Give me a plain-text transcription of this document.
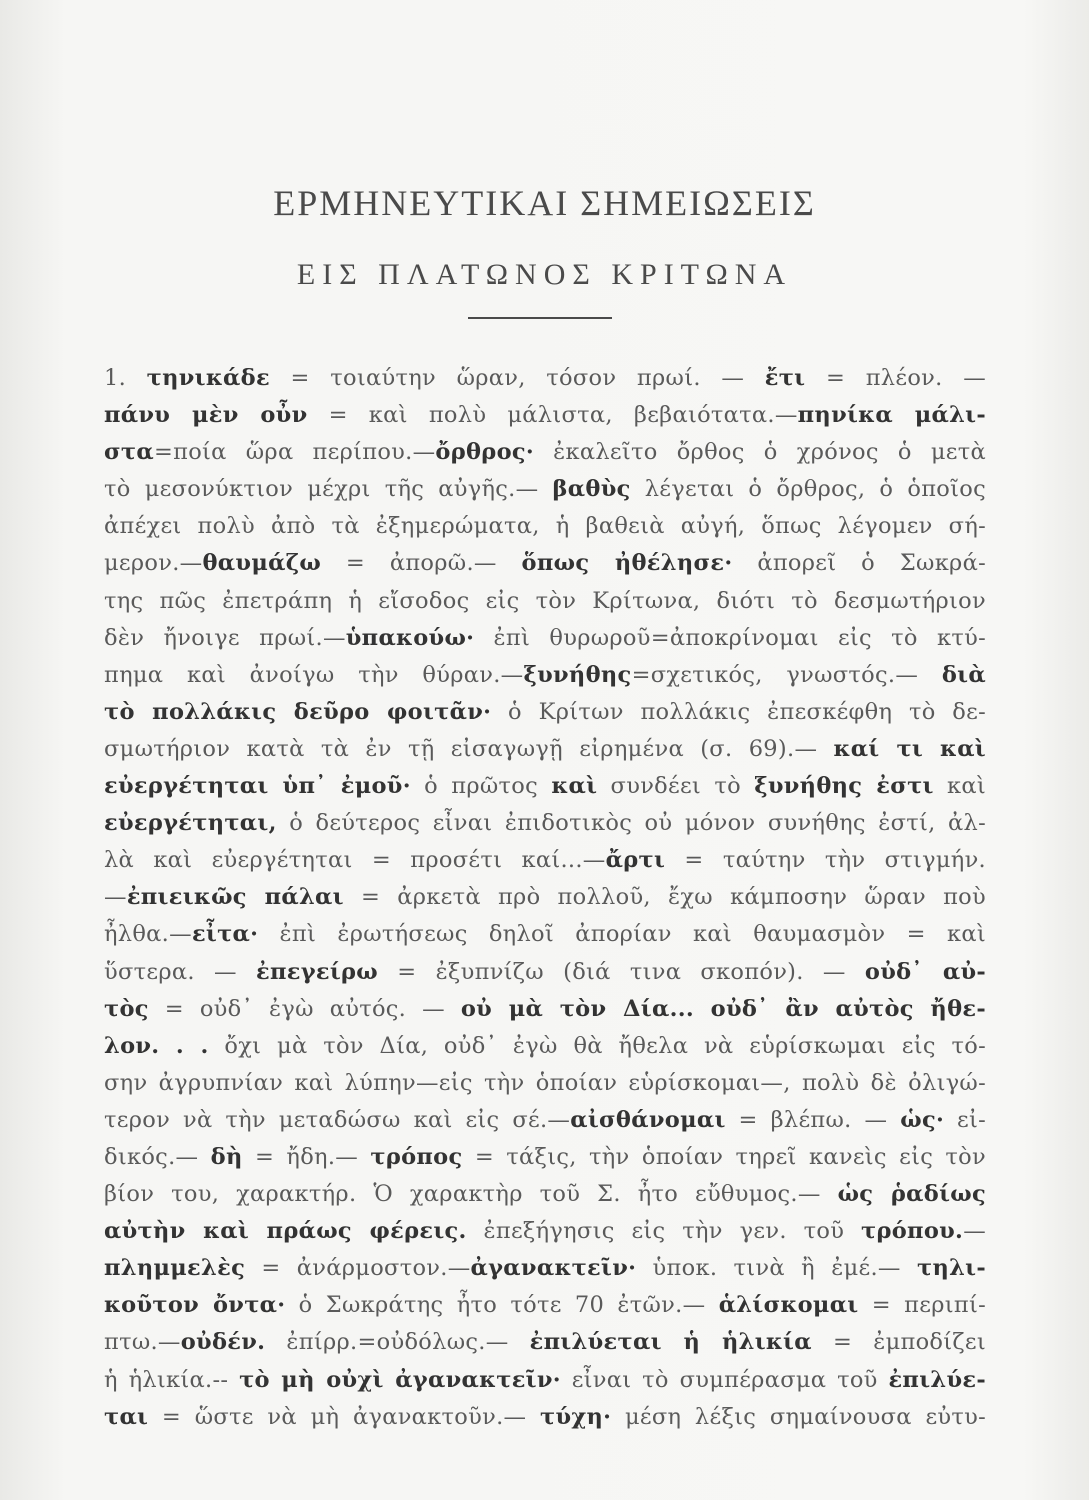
ΕΡΜΗΝΕΥΤΙΚΑΙ ΣΗΜΕΙΩΣΕΙΣ
ΕΙΣ ΠΛΑΤΩΝΟΣ ΚΡΙΤΩΝΑ
1. τηνικάδε = τοιαύτην ὥραν, τόσον πρωί. — ἔτι = πλέον. —
πάνυ μὲν οὖν = καὶ πολὺ μάλιστα, βεβαιότατα.—πηνίκα μάλι-
στα=ποία ὥρα περίπου.—ὄρθρος· ἐκαλεῖτο ὄρθος ὁ χρόνος ὁ μετὰ
τὸ μεσονύκτιον μέχρι τῆς αὐγῆς.— βαθὺς λέγεται ὁ ὄρθρος, ὁ ὁποῖος
ἀπέχει πολὺ ἀπὸ τὰ ἐξημερώματα, ἡ βαθειὰ αὐγή, ὅπως λέγομεν σή-
μερον.—θαυμάζω = ἀπορῶ.— ὅπως ἠθέλησε· ἀπορεῖ ὁ Σωκρά-
της πῶς ἐπετράπη ἡ εἴσοδος εἰς τὸν Κρίτωνα, διότι τὸ δεσμωτήριον
δὲν ἤνοιγε πρωί.—ὑπακούω· ἐπὶ θυρωροῦ=ἀποκρίνομαι εἰς τὸ κτύ-
πημα καὶ ἀνοίγω τὴν θύραν.—ξυνήθης=σχετικός, γνωστός.— διὰ
τὸ πολλάκις δεῦρο φοιτᾶν· ὁ Κρίτων πολλάκις ἐπεσκέφθη τὸ δε-
σμωτήριον κατὰ τὰ ἐν τῇ εἰσαγωγῇ εἰρημένα (σ. 69).— καί τι καὶ
εὐεργέτηται ὑπ᾽ ἐμοῦ· ὁ πρῶτος καὶ συνδέει τὸ ξυνήθης ἐστι καὶ
εὐεργέτηται, ὁ δεύτερος εἶναι ἐπιδοτικὸς οὐ μόνον συνήθης ἐστί, ἀλ-
λὰ καὶ εὐεργέτηται = προσέτι καί...—ἄρτι = ταύτην τὴν στιγμήν.
—ἐπιεικῶς πάλαι = ἀρκετὰ πρὸ πολλοῦ, ἔχω κάμποσην ὥραν ποὺ
ἦλθα.—εἶτα· ἐπὶ ἐρωτήσεως δηλοῖ ἀπορίαν καὶ θαυμασμὸν = καὶ
ὕστερα. — ἐπεγείρω = ἐξυπνίζω (διά τινα σκοπόν). — οὐδ᾽ αὐ-
τὸς = οὐδ᾽ ἐγὼ αὐτός. — οὐ μὰ τὸν Δία... οὐδ᾽ ἂν αὐτὸς ἤθε-
λον. . . ὄχι μὰ τὸν Δία, οὐδ᾽ ἐγὼ θὰ ἤθελα νὰ εὑρίσκωμαι εἰς τό-
σην ἀγρυπνίαν καὶ λύπην—εἰς τὴν ὁποίαν εὑρίσκομαι—, πολὺ δὲ ὀλιγώ-
τερον νὰ τὴν μεταδώσω καὶ εἰς σέ.—αἰσθάνομαι = βλέπω. — ὡς· εἰ-
δικός.— δὴ = ἤδη.— τρόπος = τάξις, τὴν ὁποίαν τηρεῖ κανεὶς εἰς τὸν
βίον του, χαρακτήρ. Ὁ χαρακτὴρ τοῦ Σ. ἦτο εὔθυμος.— ὡς ῥαδίως
αὐτὴν καὶ πράως φέρεις. ἐπεξήγησις εἰς τὴν γεν. τοῦ τρόπου.—
πλημμελὲς = ἀνάρμοστον.—ἀγανακτεῖν· ὑποκ. τινὰ ἢ ἐμέ.— τηλι-
κοῦτον ὄντα· ὁ Σωκράτης ἦτο τότε 70 ἐτῶν.— ἁλίσκομαι = περιπί-
πτω.—οὐδέν. ἐπίρρ.=οὐδόλως.— ἐπιλύεται ἡ ἡλικία = ἐμποδίζει
ἡ ἡλικία.-- τὸ μὴ οὐχὶ ἀγανακτεῖν· εἶναι τὸ συμπέρασμα τοῦ ἐπιλύε-
ται = ὥστε νὰ μὴ ἀγανακτοῦν.— τύχη· μέση λέξις σημαίνουσα εὐτυ-
